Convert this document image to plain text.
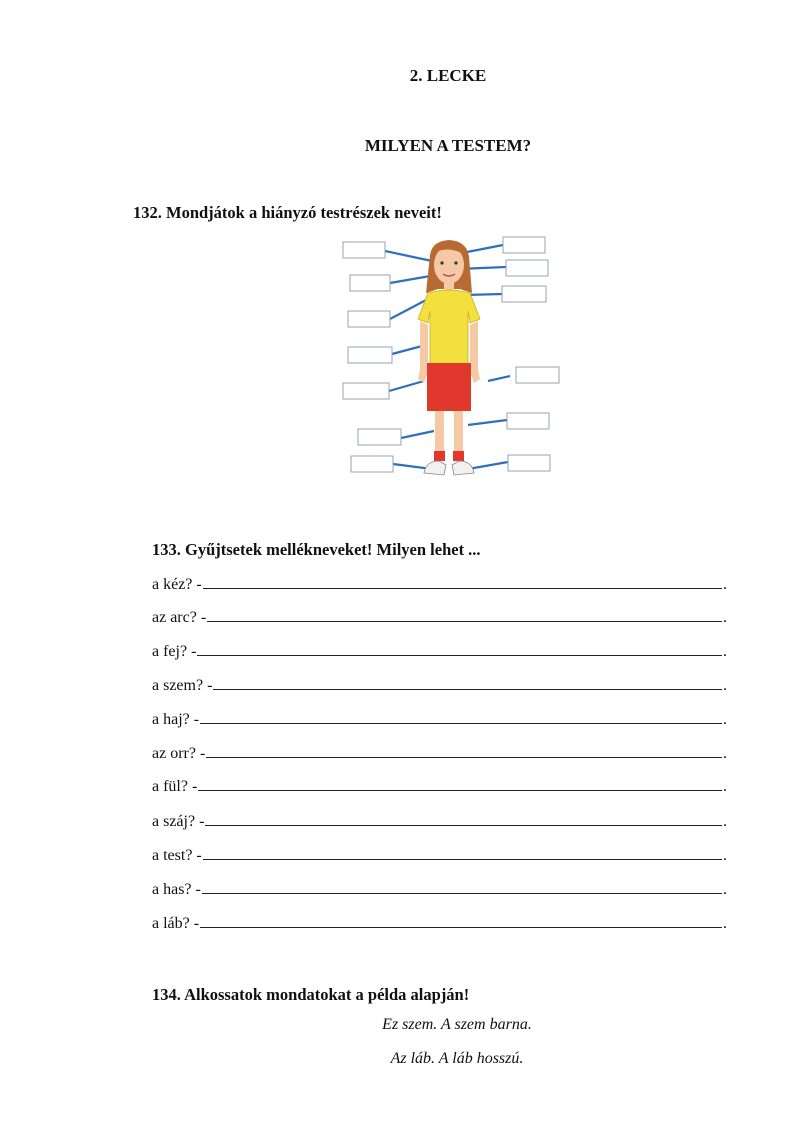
2. LECKE
MILYEN A TESTEM?
132. Mondjátok a hiányzó testrészek neveit!
133. Gyűjtsetek mellékneveket! Milyen lehet ...
a kéz? -	.
az arc? -	.
a fej? -	.
a szem? -	.
a haj? -	.
az orr? -	.
a fül? -	.
a száj? -	.
a test? -	.
a has? -	.
a láb? -	.
134. Alkossatok mondatokat a példa alapján!
Ez szem. A szem barna.
Az láb. A láb hosszú.
